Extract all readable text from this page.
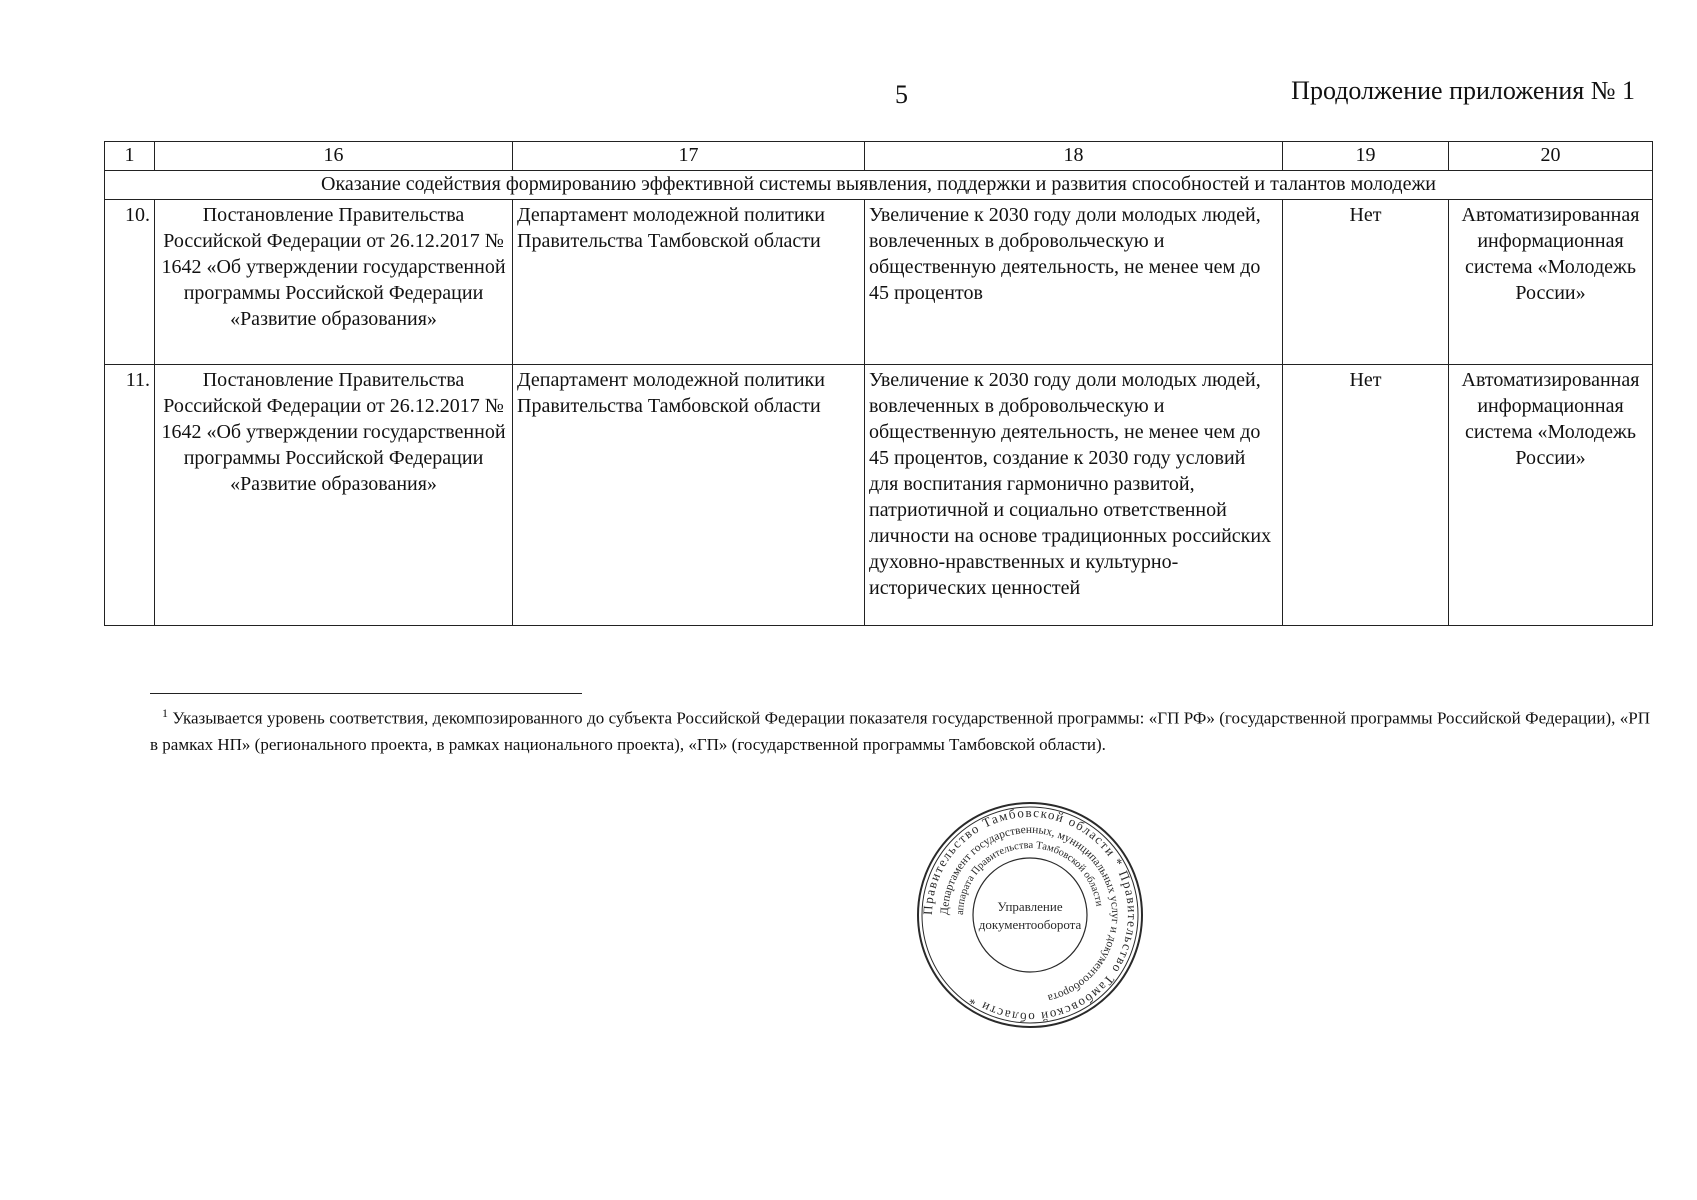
5	Продолжение приложения № 1
1	16	17	18	19	20
Оказание содействия формированию эффективной системы выявления, поддержки и развития способностей и талантов молодежи					
10.	Постановление Правительства Российской Федерации от 26.12.2017 № 1642 «Об утверждении государственной программы Российской Федерации «Развитие образования»	Департамент молодежной политики Правительства Тамбовской области	Увеличение к 2030 году доли молодых людей, вовлеченных в добровольческую и общественную деятельность, не менее чем до 45 процентов	Нет	Автоматизированная информационная система «Молодежь России»
11.	Постановление Правительства Российской Федерации от 26.12.2017 № 1642 «Об утверждении государственной программы Российской Федерации «Развитие образования»	Департамент молодежной политики Правительства Тамбовской области	Увеличение к 2030 году доли молодых людей, вовлеченных в добровольческую и общественную деятельность, не менее чем до 45 процентов, создание к 2030 году условий для воспитания гармонично развитой, патриотичной и социально ответственной личности на основе традиционных российских духовно-нравственных и культурно-исторических ценностей	Нет	Автоматизированная информационная система «Молодежь России»
$^1$ Указывается уровень соответствия, декомпозированного до субъекта Российской Федерации показателя государственной программы: «ГП РФ» (государственной программы Российской Федерации), «РП в рамках НП» (регионального проекта, в рамках национального проекта), «ГП» (государственной программы Тамбовской области).
Правительство Тамбовской области * Правительство Тамбовской области *
Департамент государственных, муниципальных услуг и документооборота
аппарата Правительства Тамбовской области
Управление
документооборота
